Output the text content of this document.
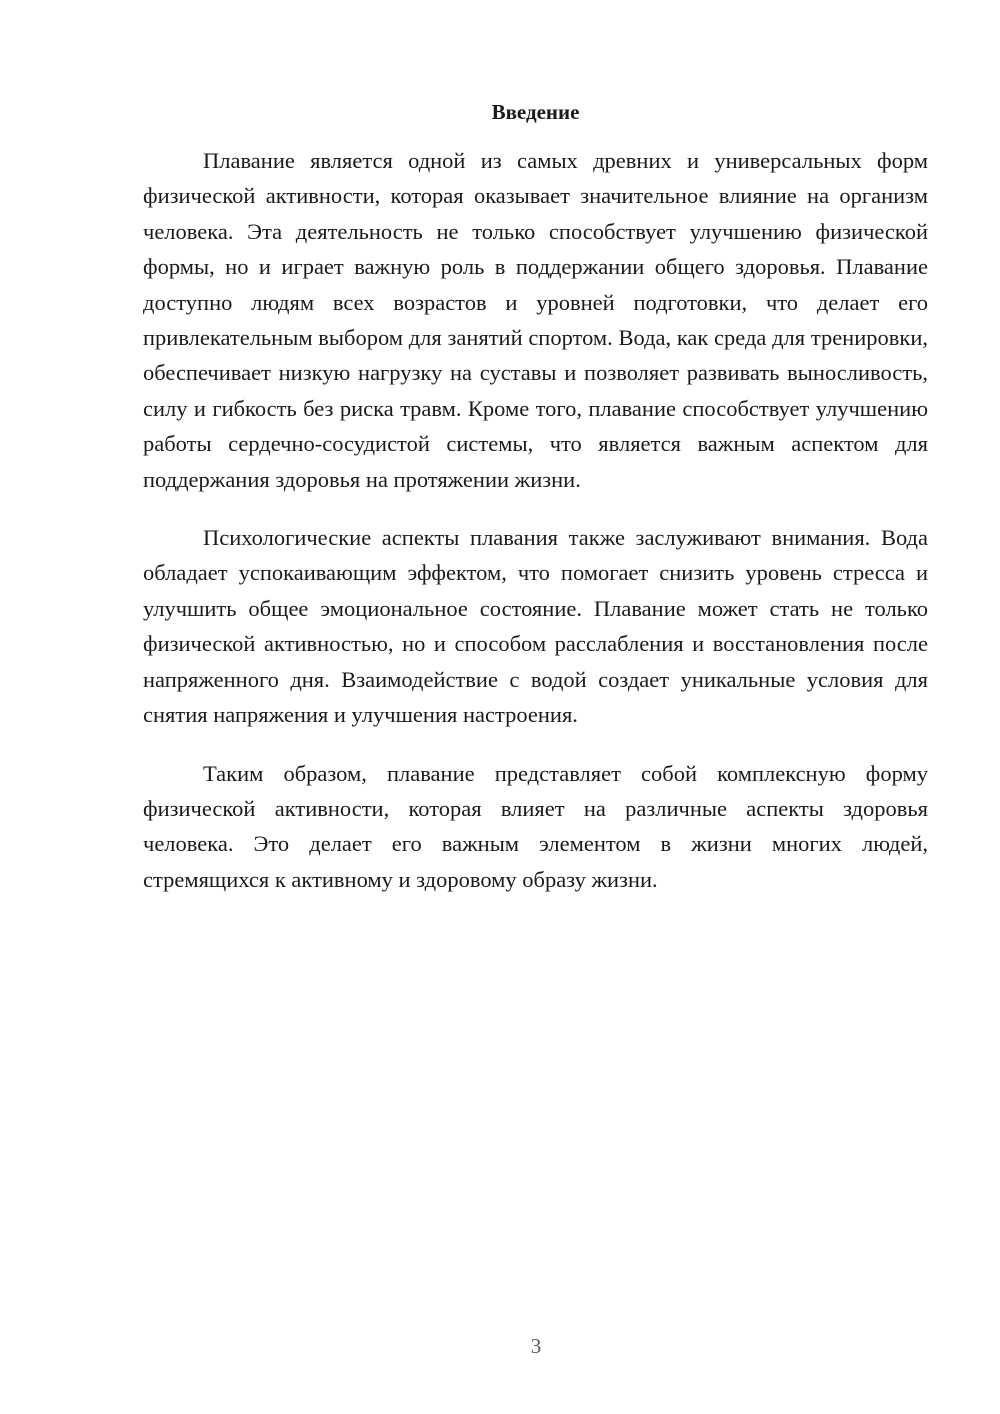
Введение

Плавание является одной из самых древних и универсальных форм физической активности, которая оказывает значительное влияние на организм человека. Эта деятельность не только способствует улучшению физической формы, но и играет важную роль в поддержании общего здоровья. Плавание доступно людям всех возрастов и уровней подготовки, что делает его привлекательным выбором для занятий спортом. Вода, как среда для тренировки, обеспечивает низкую нагрузку на суставы и позволяет развивать выносливость, силу и гибкость без риска травм. Кроме того, плавание способствует улучшению работы сердечно-сосудистой системы, что является важным аспектом для поддержания здоровья на протяжении жизни.

Психологические аспекты плавания также заслуживают внимания. Вода обладает успокаивающим эффектом, что помогает снизить уровень стресса и улучшить общее эмоциональное состояние. Плавание может стать не только физической активностью, но и способом расслабления и восстановления после напряженного дня. Взаимодействие с водой создает уникальные условия для снятия напряжения и улучшения настроения.

Таким образом, плавание представляет собой комплексную форму физической активности, которая влияет на различные аспекты здоровья человека. Это делает его важным элементом в жизни многих людей, стремящихся к активному и здоровому образу жизни.

3
